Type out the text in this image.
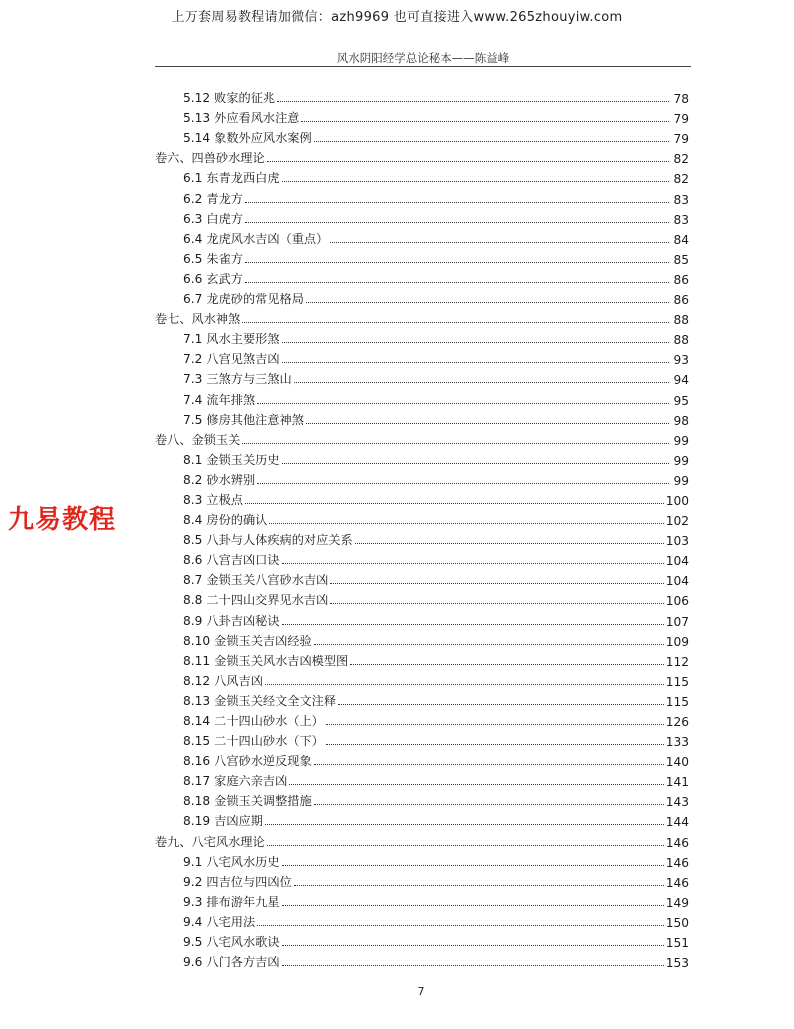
上万套周易教程请加微信：azh9969 也可直接进入www.265zhouyiw.com
风水阴阳经学总论秘本——陈益峰
九易教程
5.12 败家的征兆	78
5.13 外应看风水注意	79
5.14 象数外应风水案例	79
卷六、四兽砂水理论	82
6.1 东青龙西白虎	82
6.2 青龙方	83
6.3 白虎方	83
6.4 龙虎风水吉凶（重点）	84
6.5 朱雀方	85
6.6 玄武方	86
6.7 龙虎砂的常见格局	86
卷七、风水神煞	88
7.1 风水主要形煞	88
7.2 八宫见煞吉凶	93
7.3 三煞方与三煞山	94
7.4 流年排煞	95
7.5 修房其他注意神煞	98
卷八、金锁玉关	99
8.1 金锁玉关历史	99
8.2 砂水辨别	99
8.3 立极点	100
8.4 房份的确认	102
8.5 八卦与人体疾病的对应关系	103
8.6 八宫吉凶口诀	104
8.7 金锁玉关八宫砂水吉凶	104
8.8 二十四山交界见水吉凶	106
8.9 八卦吉凶秘诀	107
8.10 金锁玉关吉凶经验	109
8.11 金锁玉关风水吉凶模型图	112
8.12 八风吉凶	115
8.13 金锁玉关经文全文注释	115
8.14 二十四山砂水（上）	126
8.15 二十四山砂水（下）	133
8.16 八宫砂水逆反现象	140
8.17 家庭六亲吉凶	141
8.18 金锁玉关调整措施	143
8.19 吉凶应期	144
卷九、八宅风水理论	146
9.1 八宅风水历史	146
9.2 四吉位与四凶位	146
9.3 排布游年九星	149
9.4 八宅用法	150
9.5 八宅风水歌诀	151
9.6 八门各方吉凶	153
7
